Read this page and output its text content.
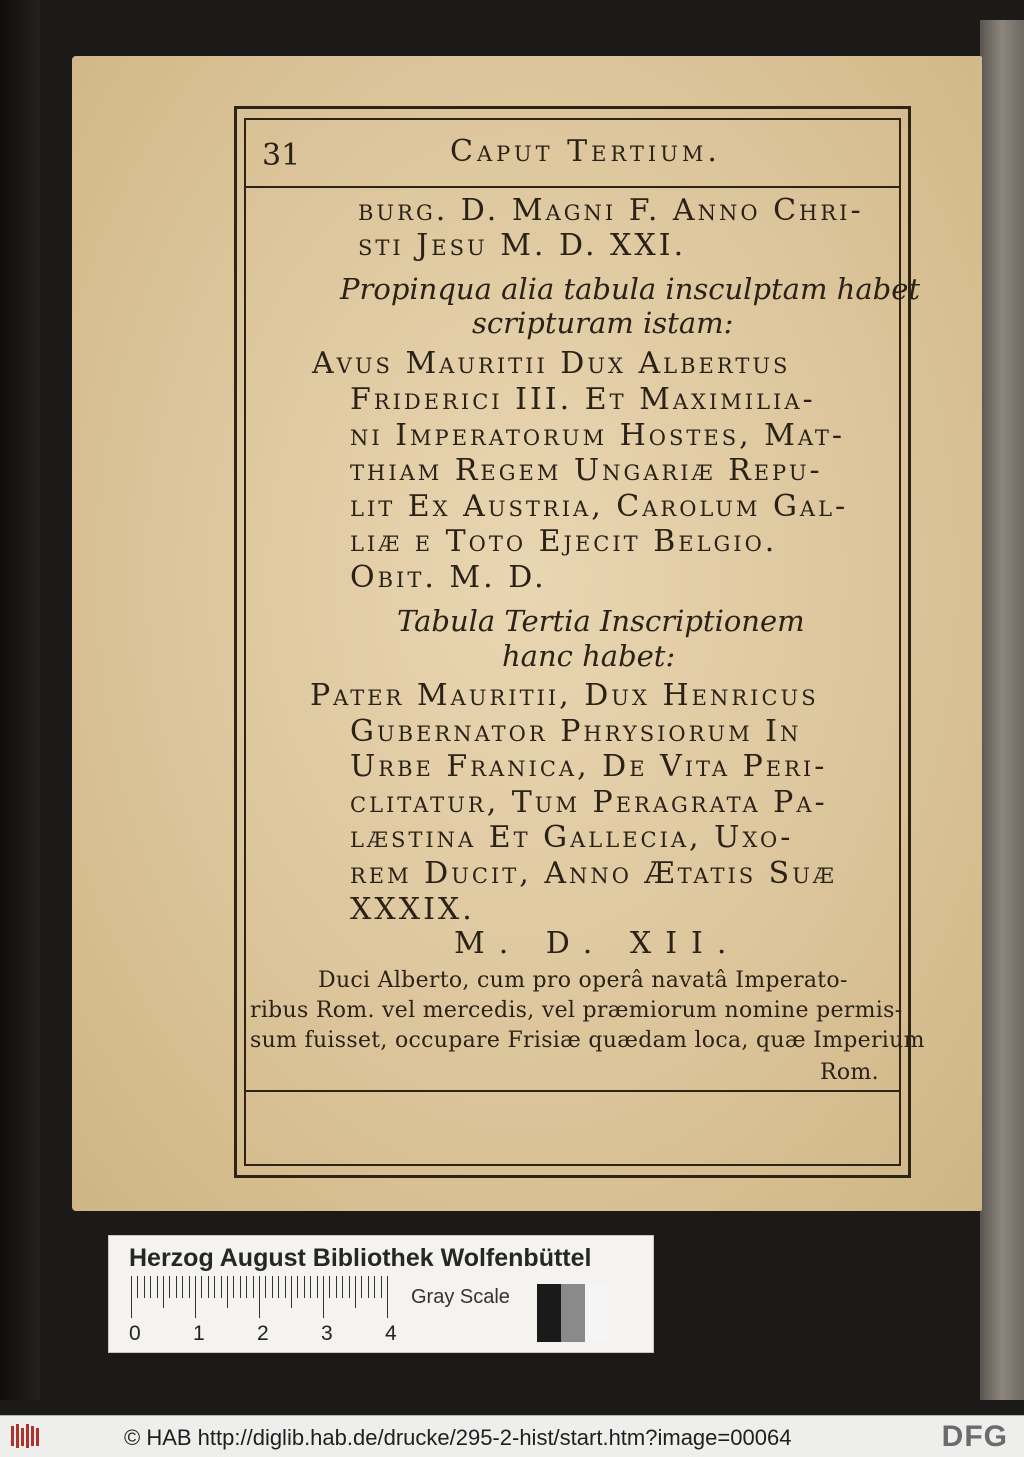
31	Caput Tertium.
burg. D. Magni F. Anno Chri-
sti Jesu M. D. XXI.
Propinqua alia tabula insculptam habet
scripturam istam:
Avus Mauritii Dux Albertus
Friderici III. Et Maximilia-
ni Imperatorum Hostes, Mat-
thiam Regem Ungariæ Repu-
lit Ex Austria, Carolum Gal-
liæ e Toto Ejecit Belgio.
Obit. M. D.
Tabula Tertia Inscriptionem
hanc habet:
Pater Mauritii, Dux Henricus
Gubernator Phrysiorum In
Urbe Franica, De Vita Peri-
clitatur, Tum Peragrata Pa-
læstina Et Gallecia, Uxo-
rem Ducit, Anno Ætatis Suæ
XXXIX.
M. D. XII.
Duci Alberto, cum pro operâ navatâ Imperato-
ribus Rom. vel mercedis, vel præmiorum nomine permis-
sum fuisset, occupare Frisiæ quædam loca, quæ Imperium
Rom.
Herzog August Bibliothek Wolfenbüttel
0 1 2 3 4
Gray Scale
© HAB http://diglib.hab.de/drucke/295-2-hist/start.htm?image=00064	DFG
